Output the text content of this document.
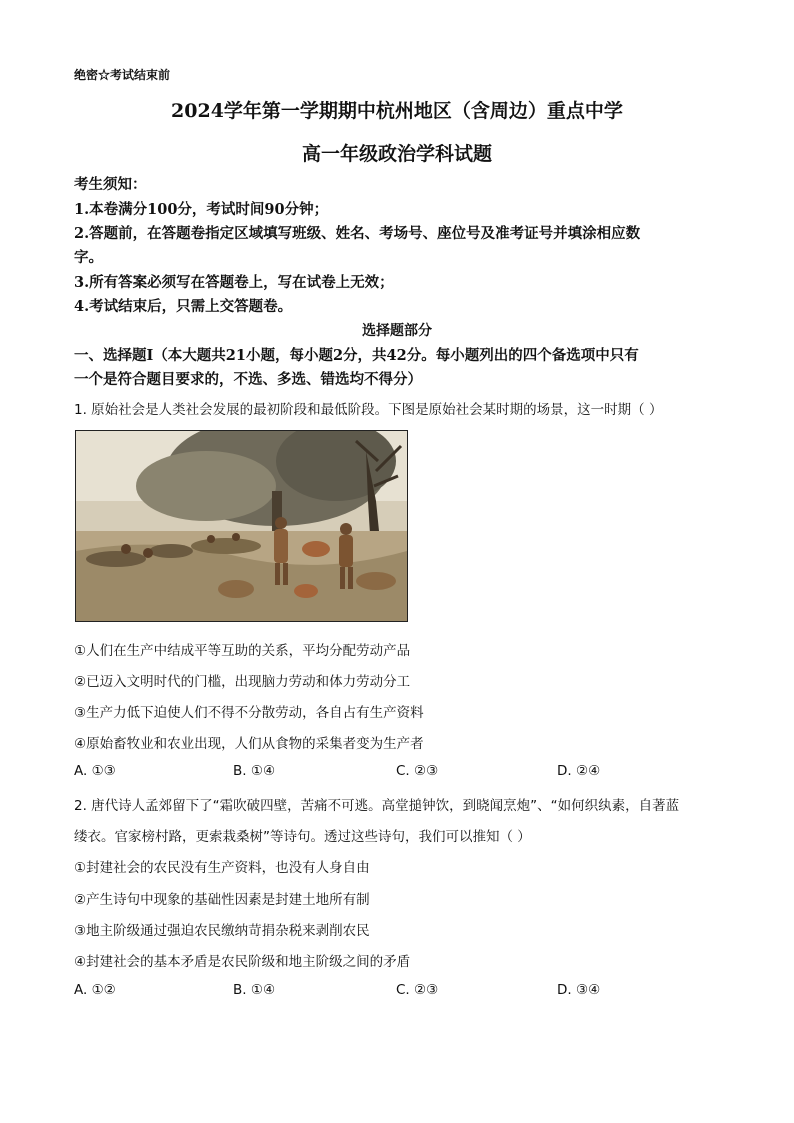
绝密☆考试结束前
2024学年第一学期期中杭州地区（含周边）重点中学
高一年级政治学科试题
考生须知：
1.本卷满分100分，考试时间90分钟；
2.答题前，在答题卷指定区域填写班级、姓名、考场号、座位号及准考证号并填涂相应数
字。
3.所有答案必须写在答题卷上，写在试卷上无效；
4.考试结束后，只需上交答题卷。
选择题部分
一、选择题Ⅰ（本大题共21小题，每小题2分，共42分。每小题列出的四个备选项中只有
一个是符合题目要求的，不选、多选、错选均不得分）
1. 原始社会是人类社会发展的最初阶段和最低阶段。下图是原始社会某时期的场景，这一时期（ ）
①人们在生产中结成平等互助的关系，平均分配劳动产品
②已迈入文明时代的门槛，出现脑力劳动和体力劳动分工
③生产力低下迫使人们不得不分散劳动，各自占有生产资料
④原始畜牧业和农业出现，人们从食物的采集者变为生产者
A. ①③	B. ①④	C. ②③	D. ②④
2. 唐代诗人孟郊留下了“霜吹破四壁，苦痛不可逃。高堂搥钟饮，到晓闻烹炮”、“如何织纨素，自著蓝
缕衣。官家榜村路，更索栽桑树”等诗句。透过这些诗句，我们可以推知（ ）
①封建社会的农民没有生产资料，也没有人身自由
②产生诗句中现象的基础性因素是封建土地所有制
③地主阶级通过强迫农民缴纳苛捐杂税来剥削农民
④封建社会的基本矛盾是农民阶级和地主阶级之间的矛盾
A. ①②	B. ①④	C. ②③	D. ③④
